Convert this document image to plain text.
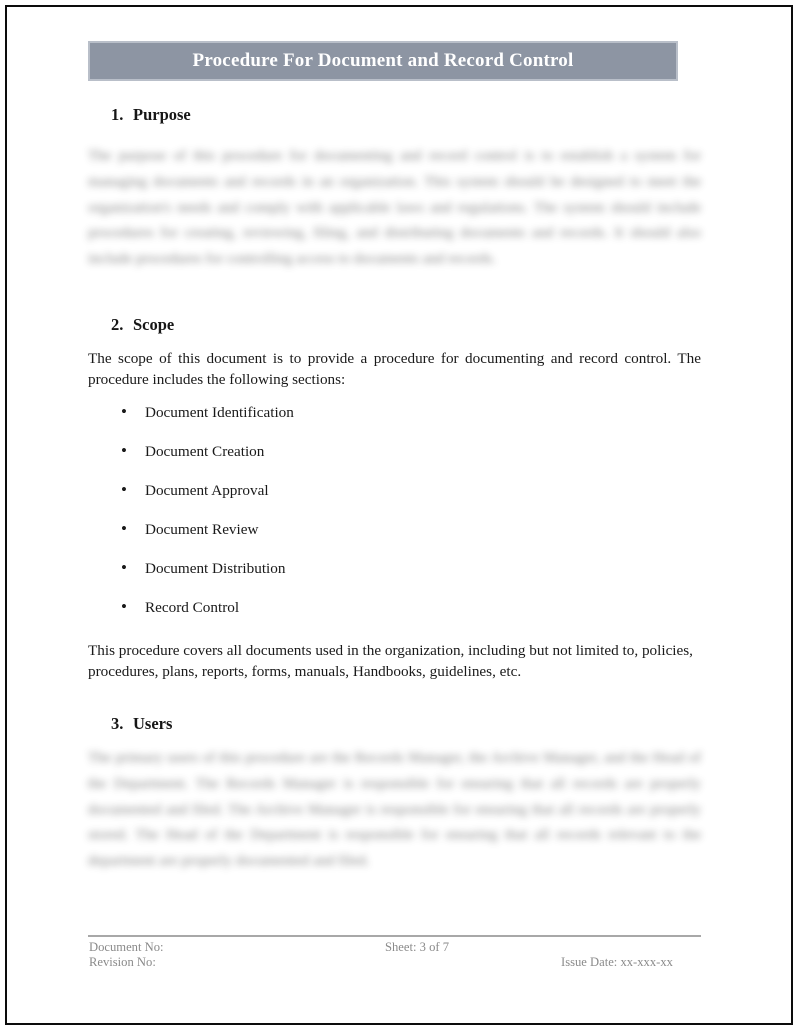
Procedure For Document and Record Control
1. Purpose
The purpose of this procedure for documenting and record control is to establish a system for managing documents and records in an organization. This system should be designed to meet the organization's needs and comply with applicable laws and regulations. The system should include procedures for creating, reviewing, filing, and distributing documents and records. It should also include procedures for controlling access to documents and records.
2. Scope
The scope of this document is to provide a procedure for documenting and record control. The procedure includes the following sections:
• Document Identification
• Document Creation
• Document Approval
• Document Review
• Document Distribution
• Record Control
This procedure covers all documents used in the organization, including but not limited to, policies, procedures, plans, reports, forms, manuals, Handbooks, guidelines, etc.
3. Users
The primary users of this procedure are the Records Manager, the Archive Manager, and the Head of the Department. The Records Manager is responsible for ensuring that all records are properly documented and filed. The Archive Manager is responsible for ensuring that all records are properly stored. The Head of the Department is responsible for ensuring that all records relevant to the department are properly documented and filed.
Document No:
Revision No:
Sheet: 3 of 7
Issue Date: xx-xxx-xx
